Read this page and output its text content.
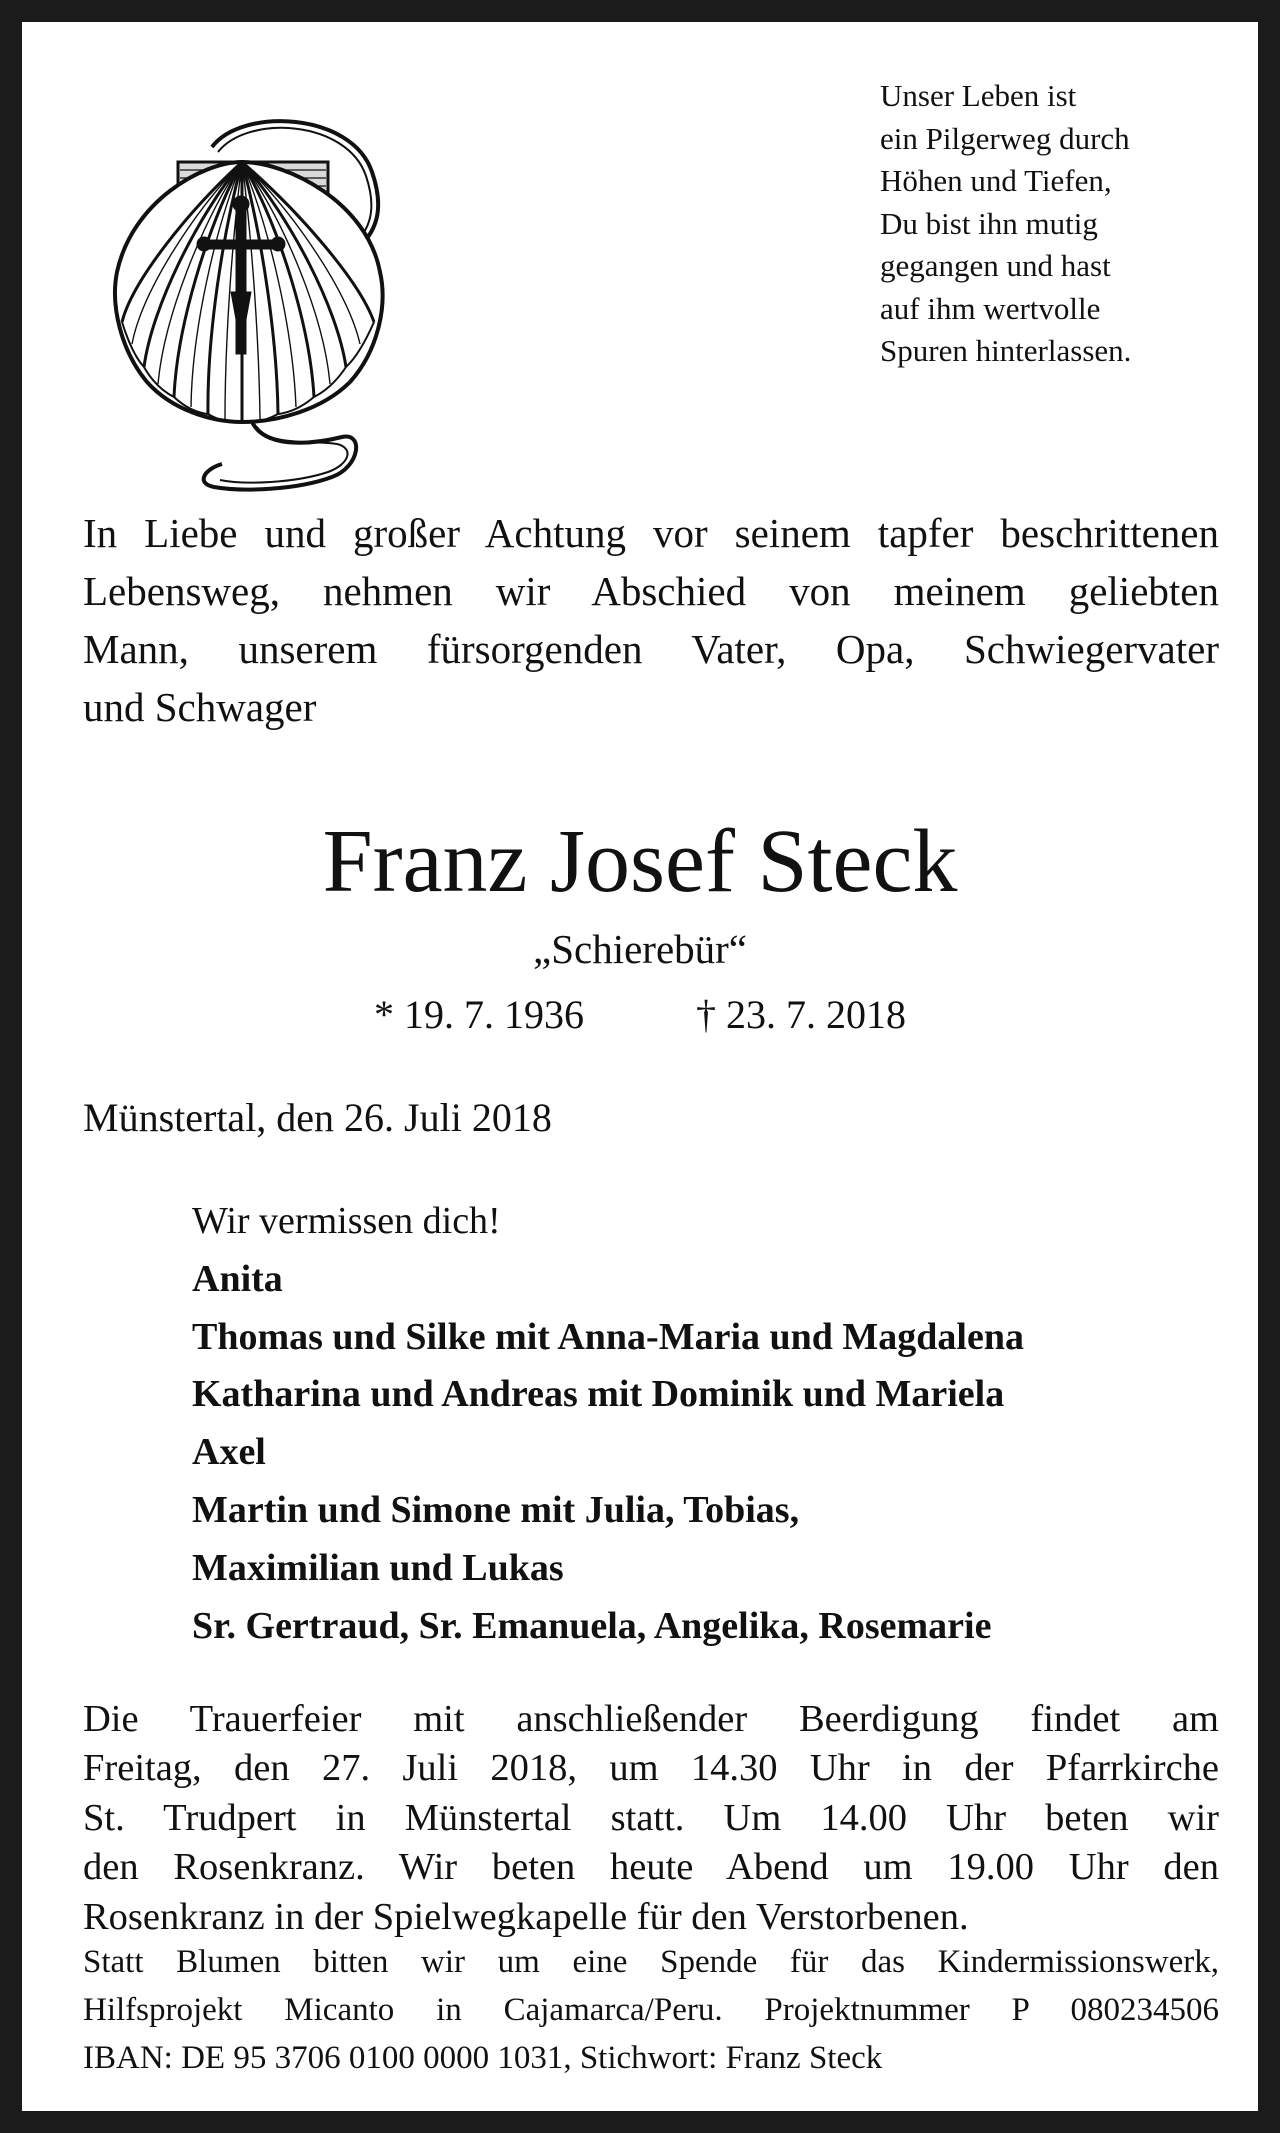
Unser Leben ist
ein Pilgerweg durch
Höhen und Tiefen,
Du bist ihn mutig
gegangen und hast
auf ihm wertvolle
Spuren hinterlassen.
In Liebe und großer Achtung vor seinem tapfer beschrittenen
Lebensweg, nehmen wir Abschied von meinem geliebten
Mann, unserem fürsorgenden Vater, Opa, Schwiegervater
und Schwager
Franz Josef Steck
„Schierebür“
* 19. 7. 1936	† 23. 7. 2018
Münstertal, den 26. Juli 2018
Wir vermissen dich!
Anita
Thomas und Silke mit Anna-Maria und Magdalena
Katharina und Andreas mit Dominik und Mariela
Axel
Martin und Simone mit Julia, Tobias,
Maximilian und Lukas
Sr. Gertraud, Sr. Emanuela, Angelika, Rosemarie
Die Trauerfeier mit anschließender Beerdigung findet am
Freitag, den 27. Juli 2018, um 14.30 Uhr in der Pfarrkirche
St. Trudpert in Münstertal statt. Um 14.00 Uhr beten wir
den Rosenkranz. Wir beten heute Abend um 19.00 Uhr den
Rosenkranz in der Spielwegkapelle für den Verstorbenen.
Statt Blumen bitten wir um eine Spende für das Kindermissionswerk,
Hilfsprojekt Micanto in Cajamarca/Peru. Projektnummer P 080234506
IBAN: DE 95 3706 0100 0000 1031, Stichwort: Franz Steck
